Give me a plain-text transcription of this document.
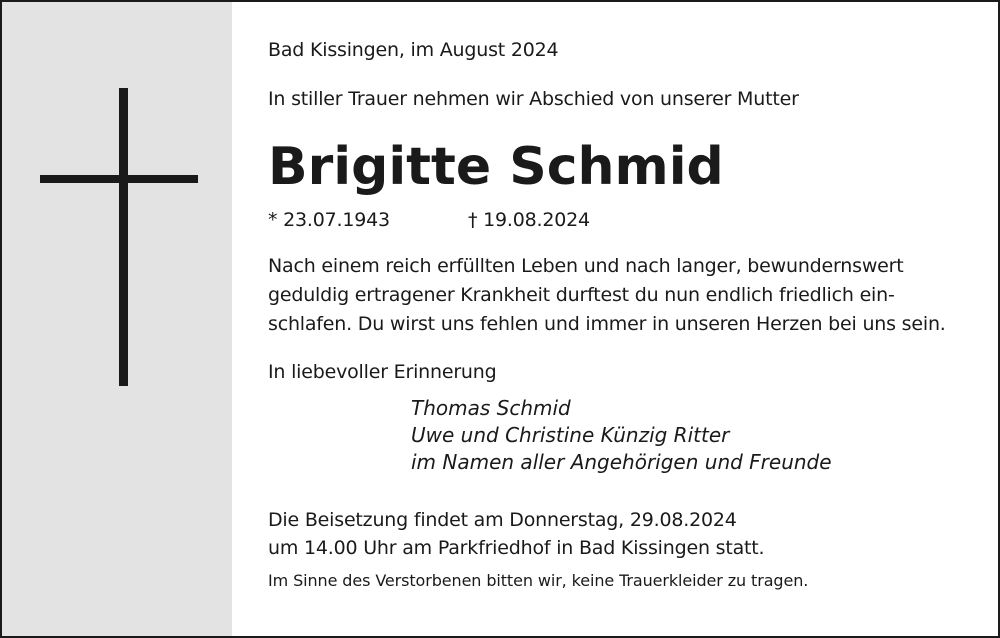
Bad Kissingen, im August 2024
In stiller Trauer nehmen wir Abschied von unserer Mutter
Brigitte Schmid
* 23.07.1943	† 19.08.2024
Nach einem reich erfüllten Leben und nach langer, bewundernswert
geduldig ertragener Krankheit durftest du nun endlich friedlich ein-
schlafen. Du wirst uns fehlen und immer in unseren Herzen bei uns sein.
In liebevoller Erinnerung
Thomas Schmid
Uwe und Christine Künzig Ritter
im Namen aller Angehörigen und Freunde
Die Beisetzung findet am Donnerstag, 29.08.2024
um 14.00 Uhr am Parkfriedhof in Bad Kissingen statt.
Im Sinne des Verstorbenen bitten wir, keine Trauerkleider zu tragen.
